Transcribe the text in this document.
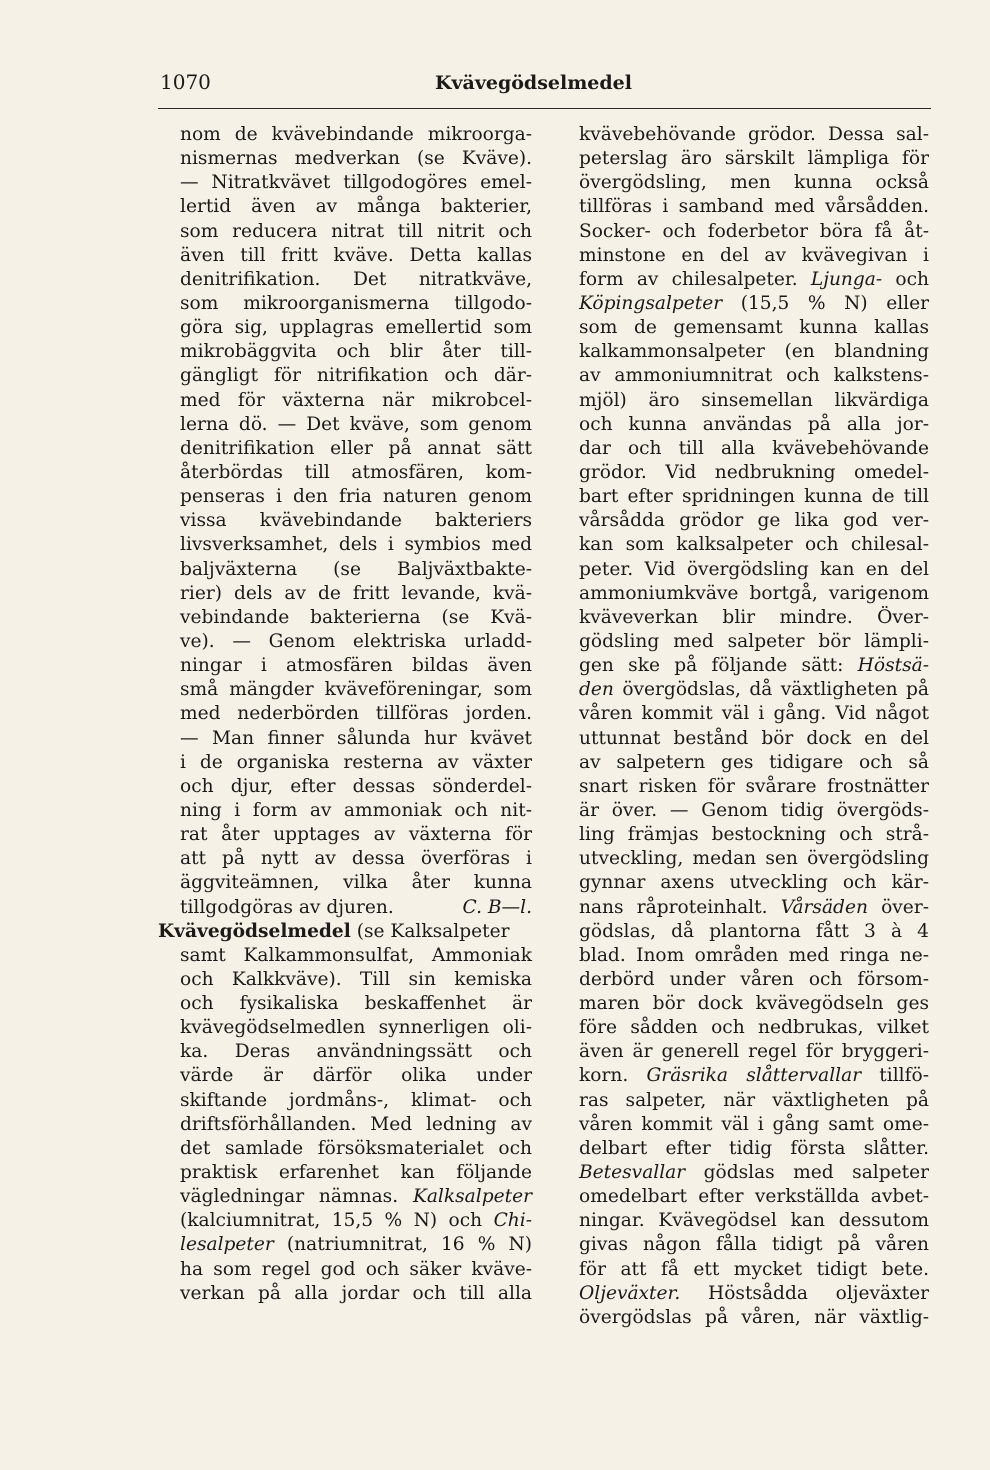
1070	Kvävegödselmedel
nom de kvävebindande mikroorga-
nismernas medverkan (se Kväve).
— Nitratkvävet tillgodogöres emel-
lertid även av många bakterier,
som reducera nitrat till nitrit och
även till fritt kväve. Detta kallas
denitrifikation. Det nitratkväve,
som mikroorganismerna tillgodo-
göra sig, upplagras emellertid som
mikrobäggvita och blir åter till-
gängligt för nitrifikation och där-
med för växterna när mikrobcel-
lerna dö. — Det kväve, som genom
denitrifikation eller på annat sätt
återbördas till atmosfären, kom-
penseras i den fria naturen genom
vissa kvävebindande bakteriers
livsverksamhet, dels i symbios med
baljväxterna (se Baljväxtbakte-
rier) dels av de fritt levande, kvä-
vebindande bakterierna (se Kvä-
ve). — Genom elektriska urladd-
ningar i atmosfären bildas även
små mängder kväveföreningar, som
med nederbörden tillföras jorden.
— Man finner sålunda hur kvävet
i de organiska resterna av växter
och djur, efter dessas sönderdel-
ning i form av ammoniak och nit-
rat åter upptages av växterna för
att på nytt av dessa överföras i
äggviteämnen, vilka åter kunna
tillgodgöras av djuren.	C. B—l.
Kvävegödselmedel (se Kalksalpeter
samt Kalkammonsulfat, Ammoniak
och Kalkkväve). Till sin kemiska
och fysikaliska beskaffenhet är
kvävegödselmedlen synnerligen oli-
ka. Deras användningssätt och
värde är därför olika under
skiftande jordmåns-, klimat- och
driftsförhållanden. Med ledning av
det samlade försöksmaterialet och
praktisk erfarenhet kan följande
vägledningar nämnas. Kalksalpeter
(kalciumnitrat, 15,5 % N) och Chi-
lesalpeter (natriumnitrat, 16 % N)
ha som regel god och säker kväve-
verkan på alla jordar och till alla
kvävebehövande grödor. Dessa sal-
peterslag äro särskilt lämpliga för
övergödsling, men kunna också
tillföras i samband med vårsådden.
Socker- och foderbetor böra få åt-
minstone en del av kvävegivan i
form av chilesalpeter. Ljunga- och
Köpingsalpeter (15,5 % N) eller
som de gemensamt kunna kallas
kalkammonsalpeter (en blandning
av ammoniumnitrat och kalkstens-
mjöl) äro sinsemellan likvärdiga
och kunna användas på alla jor-
dar och till alla kvävebehövande
grödor. Vid nedbrukning omedel-
bart efter spridningen kunna de till
vårsådda grödor ge lika god ver-
kan som kalksalpeter och chilesal-
peter. Vid övergödsling kan en del
ammoniumkväve bortgå, varigenom
kväveverkan blir mindre. Över-
gödsling med salpeter bör lämpli-
gen ske på följande sätt: Höstsä-
den övergödslas, då växtligheten på
våren kommit väl i gång. Vid något
uttunnat bestånd bör dock en del
av salpetern ges tidigare och så
snart risken för svårare frostnätter
är över. — Genom tidig övergöds-
ling främjas bestockning och strå-
utveckling, medan sen övergödsling
gynnar axens utveckling och kär-
nans råproteinhalt. Vårsäden över-
gödslas, då plantorna fått 3 à 4
blad. Inom områden med ringa ne-
derbörd under våren och försom-
maren bör dock kvävegödseln ges
före sådden och nedbrukas, vilket
även är generell regel för bryggeri-
korn. Gräsrika slåttervallar tillfö-
ras salpeter, när växtligheten på
våren kommit väl i gång samt ome-
delbart efter tidig första slåtter.
Betesvallar gödslas med salpeter
omedelbart efter verkställda avbet-
ningar. Kvävegödsel kan dessutom
givas någon fålla tidigt på våren
för att få ett mycket tidigt bete.
Oljeväxter. Höstsådda oljeväxter
övergödslas på våren, när växtlig-
